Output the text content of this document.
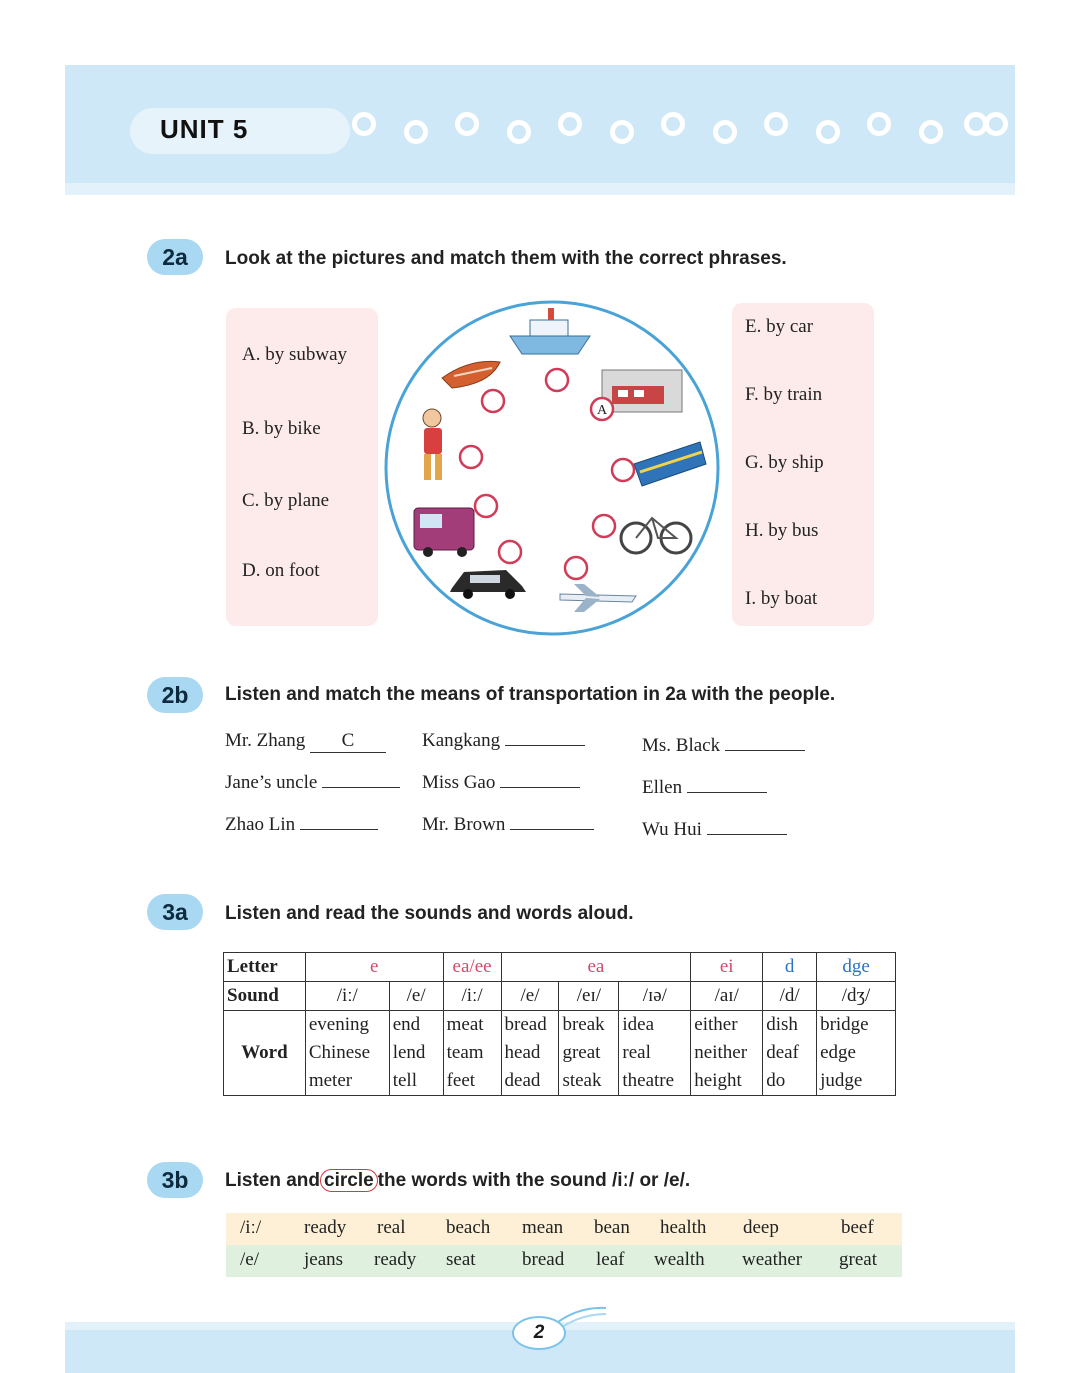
UNIT 5
2a	Look at the pictures and match them with the correct phrases.
A. by subway
B. by bike
C. by plane
D. on foot
E. by car
F. by train
G. by ship
H. by bus
I. by boat
A
2b	Listen and match the means of transportation in 2a with the people.
Mr. Zhang C	Kangkang	Ms. Black
Jane’s uncle	Miss Gao	Ellen
Zhao Lin	Mr. Brown	Wu Hui
3a	Listen and read the sounds and words aloud.
Letter	e		ea/ee	ea			ei	d	dge
Sound	/iː/	/e/	/iː/	/e/	/eɪ/	/ɪə/	/aɪ/	/d/	/dʒ/
Word	evening	end	meat	bread	break	idea	either	dish	bridge
	Chinese	lend	team	head	great	real	neither	deaf	edge
	meter	tell	feet	dead	steak	theatre	height	do	judge
3b	Listen and circle the words with the sound /iː/ or /e/.
/iː/ ready real beach mean bean health deep	beef
/e/ jeans ready seat bread leaf wealth weather great
2
